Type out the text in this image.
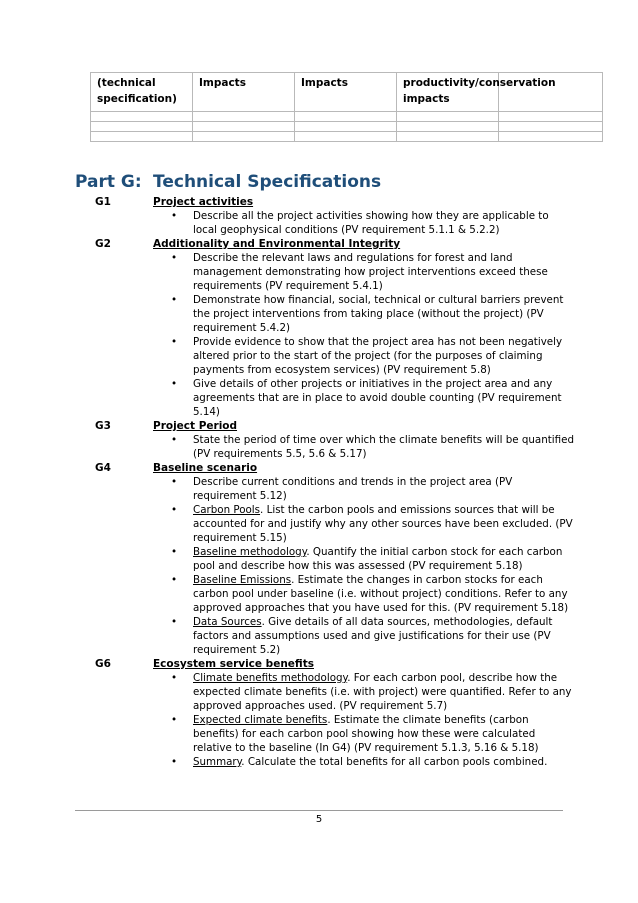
(technical specification)	Impacts	Impacts	productivity/conservation impacts	

Part G: Technical Specifications
G1	Project activities
•	Describe all the project activities showing how they are applicable to local geophysical conditions (PV requirement 5.1.1 & 5.2.2)
G2	Additionality and Environmental Integrity
•	Describe the relevant laws and regulations for forest and land management demonstrating how project interventions exceed these requirements (PV requirement 5.4.1)
•	Demonstrate how financial, social, technical or cultural barriers prevent the project interventions from taking place (without the project) (PV requirement 5.4.2)
•	Provide evidence to show that the project area has not been negatively altered prior to the start of the project (for the purposes of claiming payments from ecosystem services) (PV requirement 5.8)
•	Give details of other projects or initiatives in the project area and any agreements that are in place to avoid double counting (PV requirement 5.14)
G3	Project Period
•	State the period of time over which the climate benefits will be quantified (PV requirements 5.5, 5.6 & 5.17)
G4	Baseline scenario
•	Describe current conditions and trends in the project area (PV requirement 5.12)
•	Carbon Pools. List the carbon pools and emissions sources that will be accounted for and justify why any other sources have been excluded. (PV requirement 5.15)
•	Baseline methodology. Quantify the initial carbon stock for each carbon pool and describe how this was assessed (PV requirement 5.18)
•	Baseline Emissions. Estimate the changes in carbon stocks for each carbon pool under baseline (i.e. without project) conditions. Refer to any approved approaches that you have used for this. (PV requirement 5.18)
•	Data Sources. Give details of all data sources, methodologies, default factors and assumptions used and give justifications for their use (PV requirement 5.2)
G6	Ecosystem service benefits
•	Climate benefits methodology. For each carbon pool, describe how the expected climate benefits (i.e. with project) were quantified. Refer to any approved approaches used. (PV requirement 5.7)
•	Expected climate benefits. Estimate the climate benefits (carbon benefits) for each carbon pool showing how these were calculated relative to the baseline (In G4) (PV requirement 5.1.3, 5.16 & 5.18)
•	Summary. Calculate the total benefits for all carbon pools combined.
5
